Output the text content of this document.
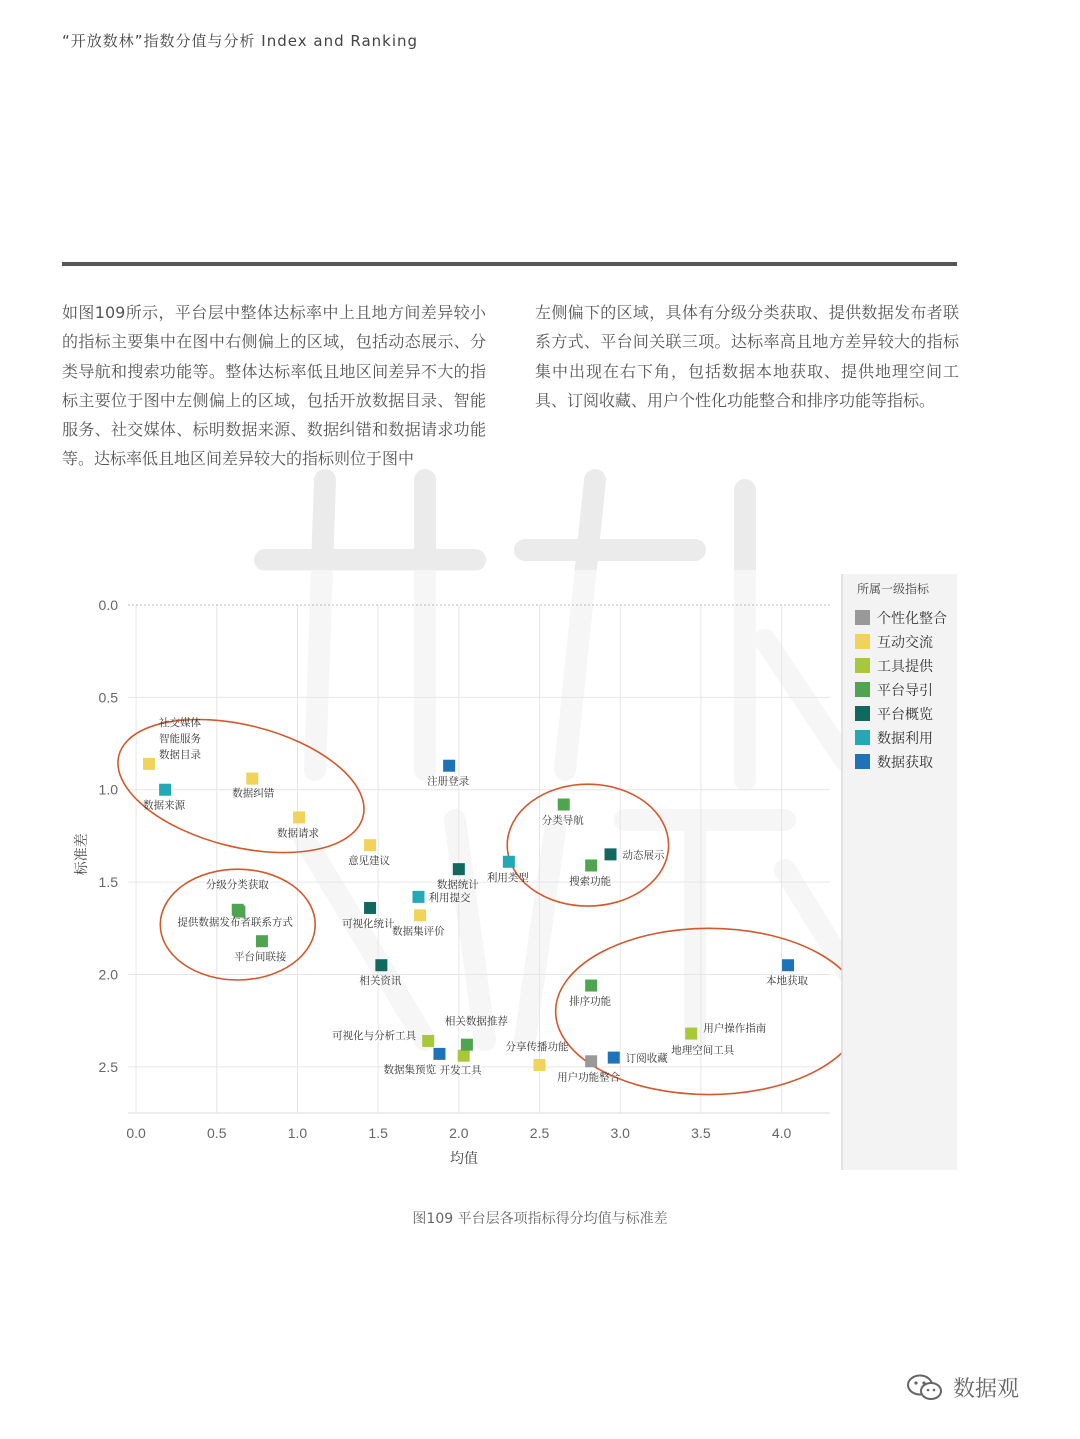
“开放数林”指数分值与分析 Index and Ranking
如图109所示，平台层中整体达标率中上且地方间差异较小的指标主要集中在图中右侧偏上的区域，包括动态展示、分类导航和搜索功能等。整体达标率低且地区间差异不大的指标主要位于图中左侧偏上的区域，包括开放数据目录、智能服务、社交媒体、标明数据来源、数据纠错和数据请求功能等。达标率低且地区间差异较大的指标则位于图中
左侧偏下的区域，具体有分级分类获取、提供数据发布者联系方式、平台间关联三项。达标率高且地方差异较大的指标集中出现在右下角，包括数据本地获取、提供地理空间工具、订阅收藏、用户个性化功能整合和排序功能等指标。
用户功能整合
社交媒体
数据纠错
数据请求
意见建议
数据集评价
分享传播功能
可视化与分析工具
开发工具
用户操作指南
分级分类获取
提供数据发布者联系方式
平台间联接
相关数据推荐
分类导航
搜索功能
排序功能
可视化统计
相关资讯
数据统计
动态展示
数据来源
利用提交
利用类型
注册登录
数据集预览
订阅收藏
本地获取
智能服务
数据目录
地理空间工具
0.0	0.5	1.0	1.5	2.0	2.5	3.0	3.5	4.0
0.0
0.5
1.0
1.5
2.0
2.5
均值
标准差
所属一级指标
个性化整合
互动交流
工具提供
平台导引
平台概览
数据利用
数据获取
图109 平台层各项指标得分均值与标准差
数据观
